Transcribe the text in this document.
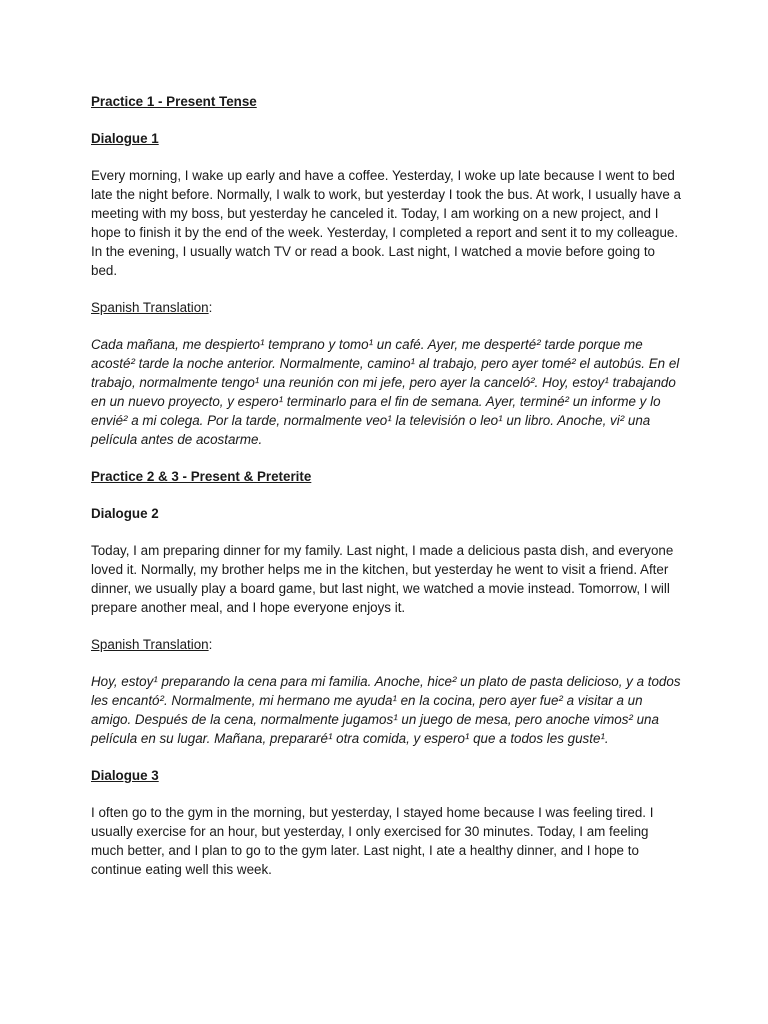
Practice 1 - Present Tense

Dialogue 1

Every morning, I wake up early and have a coffee. Yesterday, I woke up late because I went to bed late the night before. Normally, I walk to work, but yesterday I took the bus. At work, I usually have a meeting with my boss, but yesterday he canceled it. Today, I am working on a new project, and I hope to finish it by the end of the week. Yesterday, I completed a report and sent it to my colleague. In the evening, I usually watch TV or read a book. Last night, I watched a movie before going to bed.

Spanish Translation:

Cada mañana, me despierto¹ temprano y tomo¹ un café. Ayer, me desperté² tarde porque me acosté² tarde la noche anterior. Normalmente, camino¹ al trabajo, pero ayer tomé² el autobús. En el trabajo, normalmente tengo¹ una reunión con mi jefe, pero ayer la canceló². Hoy, estoy¹ trabajando en un nuevo proyecto, y espero¹ terminarlo para el fin de semana. Ayer, terminé² un informe y lo envié² a mi colega. Por la tarde, normalmente veo¹ la televisión o leo¹ un libro. Anoche, vi² una película antes de acostarme.

Practice 2 & 3 - Present & Preterite

Dialogue 2

Today, I am preparing dinner for my family. Last night, I made a delicious pasta dish, and everyone loved it. Normally, my brother helps me in the kitchen, but yesterday he went to visit a friend. After dinner, we usually play a board game, but last night, we watched a movie instead. Tomorrow, I will prepare another meal, and I hope everyone enjoys it.

Spanish Translation:

Hoy, estoy¹ preparando la cena para mi familia. Anoche, hice² un plato de pasta delicioso, y a todos les encantó². Normalmente, mi hermano me ayuda¹ en la cocina, pero ayer fue² a visitar a un amigo. Después de la cena, normalmente jugamos¹ un juego de mesa, pero anoche vimos² una película en su lugar. Mañana, prepararé¹ otra comida, y espero¹ que a todos les guste¹.

Dialogue 3

I often go to the gym in the morning, but yesterday, I stayed home because I was feeling tired. I usually exercise for an hour, but yesterday, I only exercised for 30 minutes. Today, I am feeling much better, and I plan to go to the gym later. Last night, I ate a healthy dinner, and I hope to continue eating well this week.
